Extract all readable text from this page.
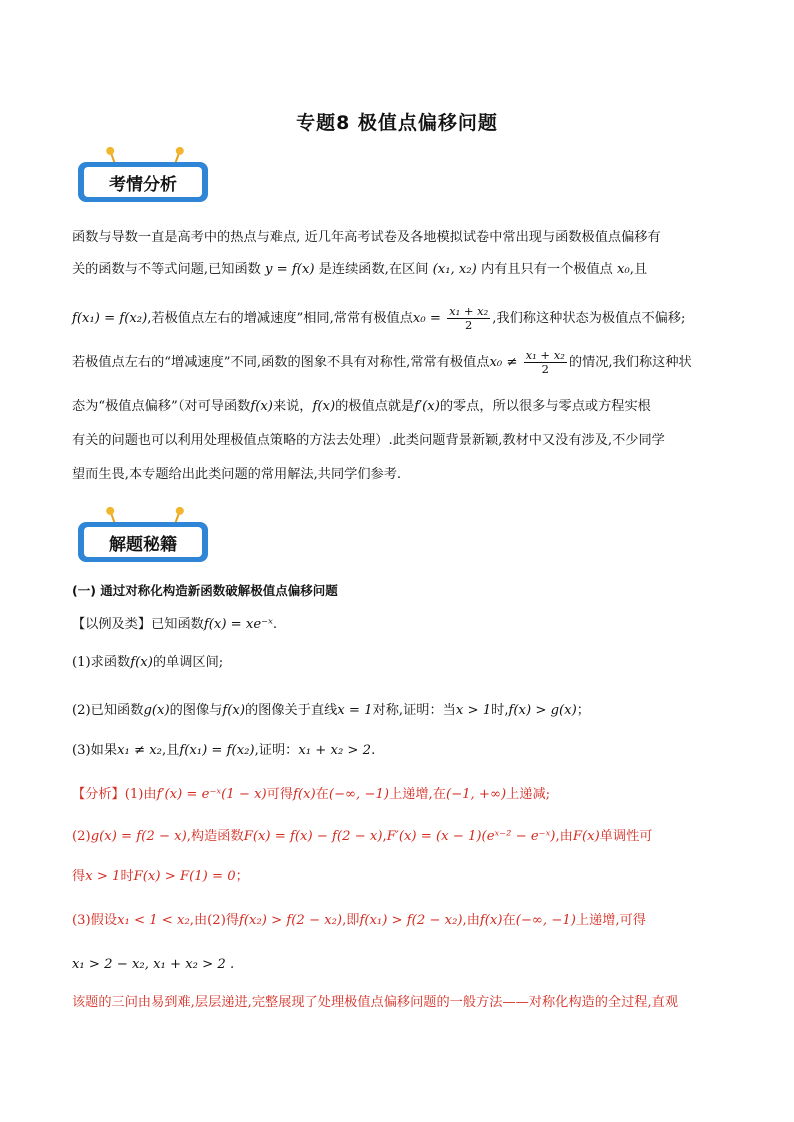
专题8 极值点偏移问题
考情分析
函数与导数一直是高考中的热点与难点, 近几年高考试卷及各地模拟试卷中常出现与函数极值点偏移有
关的函数与不等式问题,已知函数 y = f(x) 是连续函数,在区间 (x₁, x₂) 内有且只有一个极值点 x₀,且
f(x₁) = f(x₂),若极值点左右的增减速度”相同,常常有极值点$x_0 = \frac{\text{x₁ + x₂}}{2}$ ,我们称这种状态为极值点不偏移;
若极值点左右的“增减速度”不同,函数的图象不具有对称性,常常有极值点$x_0 \ne \frac{\text{x₁ + x₂}}{2}$ 的情况,我们称这种状
态为“极值点偏移”（对可导函数f(x)来说，f(x)的极值点就是f′(x)的零点，所以很多与零点或方程实根
有关的问题也可以利用处理极值点策略的方法去处理）.此类问题背景新颖,教材中又没有涉及,不少同学
望而生畏,本专题给出此类问题的常用解法,共同学们参考.
解题秘籍
(一) 通过对称化构造新函数破解极值点偏移问题
【以例及类】已知函数f(x) = xe⁻ˣ.
(1)求函数f(x)的单调区间;
(2)已知函数g(x)的图像与f(x)的图像关于直线x = 1对称,证明：当x > 1时,f(x) > g(x)；
(3)如果x₁ ≠ x₂,且f(x₁) = f(x₂),证明：x₁ + x₂ > 2.
【分析】(1)由f′(x) = e⁻ˣ(1 − x)可得f(x)在(−∞, −1)上递增,在(−1, +∞)上递减;
(2)g(x) = f(2 − x),构造函数F(x) = f(x) − f(2 − x),F′(x) = (x − 1)(eˣ⁻² − e⁻ˣ),由F(x)单调性可
得x > 1时F(x) > F(1) = 0；
(3)假设x₁ < 1 < x₂,由(2)得f(x₂) > f(2 − x₂),即f(x₁) > f(2 − x₂),由f(x)在(−∞, −1)上递增,可得
x₁ > 2 − x₂, x₁ + x₂ > 2 .
该题的三问由易到难,层层递进,完整展现了处理极值点偏移问题的一般方法——对称化构造的全过程,直观
